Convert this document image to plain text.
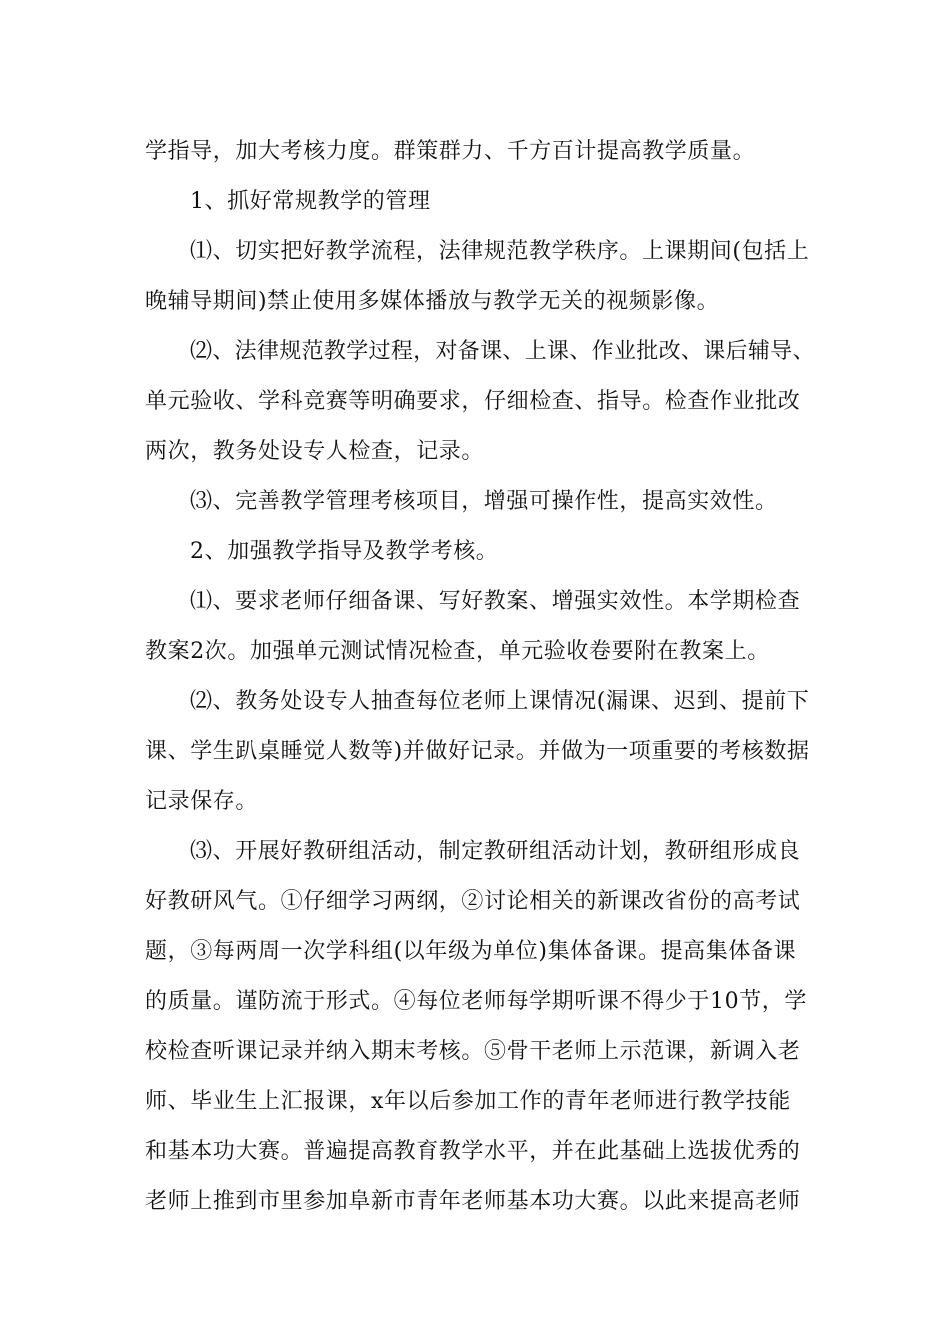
学指导，加大考核力度。群策群力、千方百计提高教学质量。
1、抓好常规教学的管理
⑴、切实把好教学流程，法律规范教学秩序。上课期间(包括上
晚辅导期间)禁止使用多媒体播放与教学无关的视频影像。
⑵、法律规范教学过程，对备课、上课、作业批改、课后辅导、
单元验收、学科竞赛等明确要求，仔细检查、指导。检查作业批改
两次，教务处设专人检查，记录。
⑶、完善教学管理考核项目，增强可操作性，提高实效性。
2、加强教学指导及教学考核。
⑴、要求老师仔细备课、写好教案、增强实效性。本学期检查
教案2次。加强单元测试情况检查，单元验收卷要附在教案上。
⑵、教务处设专人抽查每位老师上课情况(漏课、迟到、提前下
课、学生趴桌睡觉人数等)并做好记录。并做为一项重要的考核数据
记录保存。
⑶、开展好教研组活动，制定教研组活动计划，教研组形成良
好教研风气。①仔细学习两纲，②讨论相关的新课改省份的高考试
题，③每两周一次学科组(以年级为单位)集体备课。提高集体备课
的质量。谨防流于形式。④每位老师每学期听课不得少于10节，学
校检查听课记录并纳入期末考核。⑤骨干老师上示范课，新调入老
师、毕业生上汇报课，x年以后参加工作的青年老师进行教学技能
和基本功大赛。普遍提高教育教学水平，并在此基础上选拔优秀的
老师上推到市里参加阜新市青年老师基本功大赛。以此来提高老师
